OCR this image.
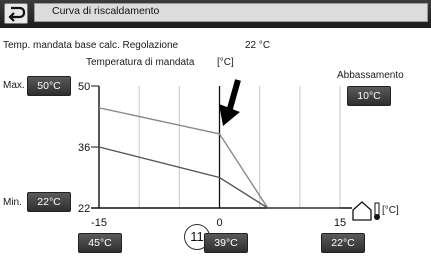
Curva di riscaldamento
Temp. mandata base calc. Regolazione	22 °C
Temperatura di mandata [°C]
Abbassamento
10°C
Max.	50°C
Min.	22°C
50
36
22
-15	0	15
[°C]
45°C	11	39°C	22°C
